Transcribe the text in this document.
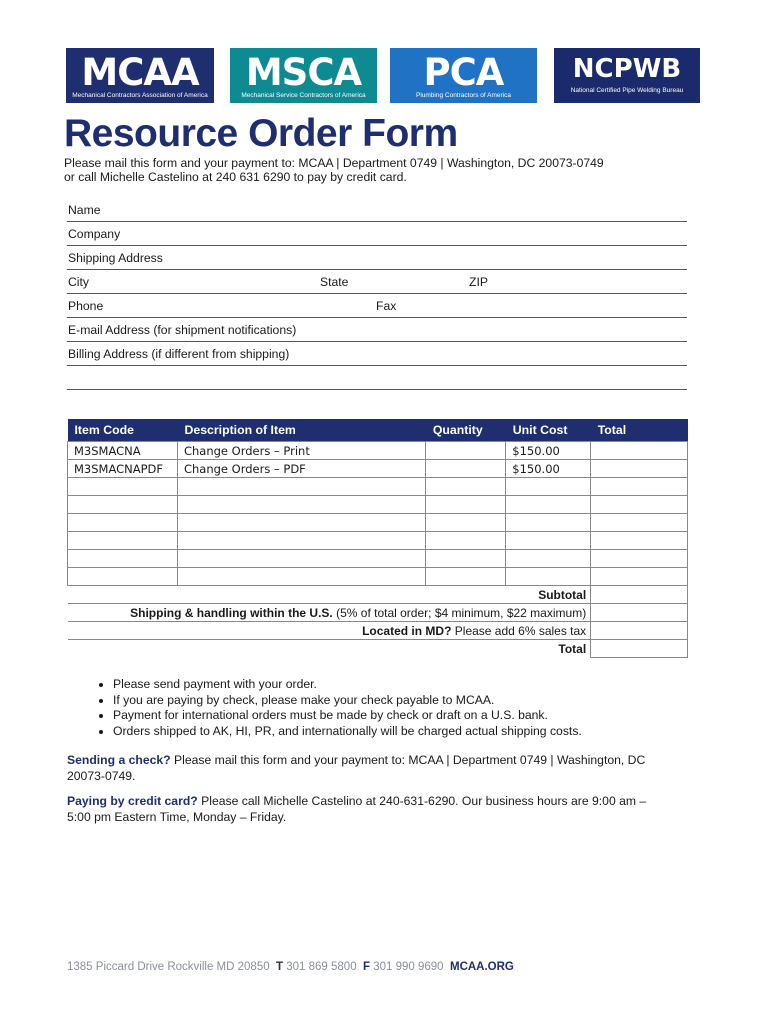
MCAA
Mechanical Contractors Association of America
MSCA
Mechanical Service Contractors of America
PCA
Plumbing Contractors of America
NCPWB
National Certified Pipe Welding Bureau
Resource Order Form
Please mail this form and your payment to: MCAA | Department 0749 | Washington, DC 20073-0749
or call Michelle Castelino at 240 631 6290 to pay by credit card.
Name
Company
Shipping Address
City	State	ZIP
Phone	Fax
E-mail Address (for shipment notifications)
Billing Address (if different from shipping)
Item Code	Description of Item	Quantity	Unit Cost	Total
M3SMACNA	Change Orders – Print		$150.00	
M3SMACNAPDF	Change Orders – PDF		$150.00	

Subtotal				
Shipping & handling within the U.S. (5% of total order; $4 minimum, $22 maximum)				
Located in MD? Please add 6% sales tax				
Total				
• Please send payment with your order.
• If you are paying by check, please make your check payable to MCAA.
• Payment for international orders must be made by check or draft on a U.S. bank.
• Orders shipped to AK, HI, PR, and internationally will be charged actual shipping costs.
Sending a check? Please mail this form and your payment to: MCAA | Department 0749 | Washington, DC 20073-0749.
Paying by credit card? Please call Michelle Castelino at 240-631-6290. Our business hours are 9:00 am – 5:00 pm Eastern Time, Monday – Friday.
1385 Piccard Drive Rockville MD 20850 T 301 869 5800 F 301 990 9690 MCAA.ORG
